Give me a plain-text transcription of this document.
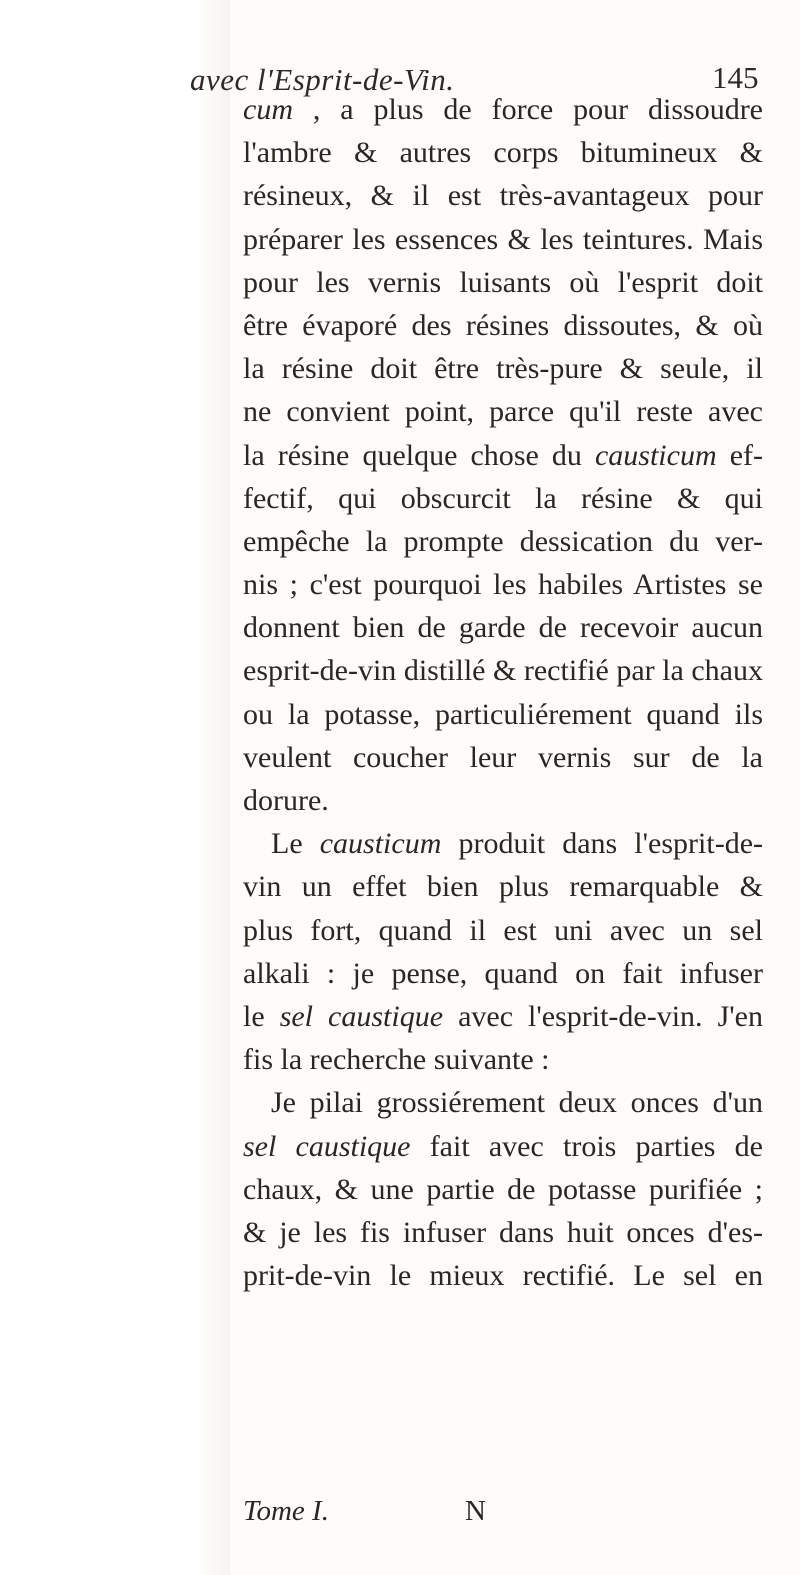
avec l'Esprit-de-Vin.	145
cum , a plus de force pour dissoudre
l'ambre & autres corps bitumineux &
résineux, & il est très-avantageux pour
préparer les essences & les teintures. Mais
pour les vernis luisants où l'esprit doit
être évaporé des résines dissoutes, & où
la résine doit être très-pure & seule, il
ne convient point, parce qu'il reste avec
la résine quelque chose du causticum ef-
fectif, qui obscurcit la résine & qui
empêche la prompte dessication du ver-
nis ; c'est pourquoi les habiles Artistes se
donnent bien de garde de recevoir aucun
esprit-de-vin distillé & rectifié par la chaux
ou la potasse, particuliérement quand ils
veulent coucher leur vernis sur de la
dorure.
Le causticum produit dans l'esprit-de-
vin un effet bien plus remarquable &
plus fort, quand il est uni avec un sel
alkali : je pense, quand on fait infuser
le sel caustique avec l'esprit-de-vin. J'en
fis la recherche suivante :
Je pilai grossiérement deux onces d'un
sel caustique fait avec trois parties de
chaux, & une partie de potasse purifiée ;
& je les fis infuser dans huit onces d'es-
prit-de-vin le mieux rectifié. Le sel en
Tome I.	N
